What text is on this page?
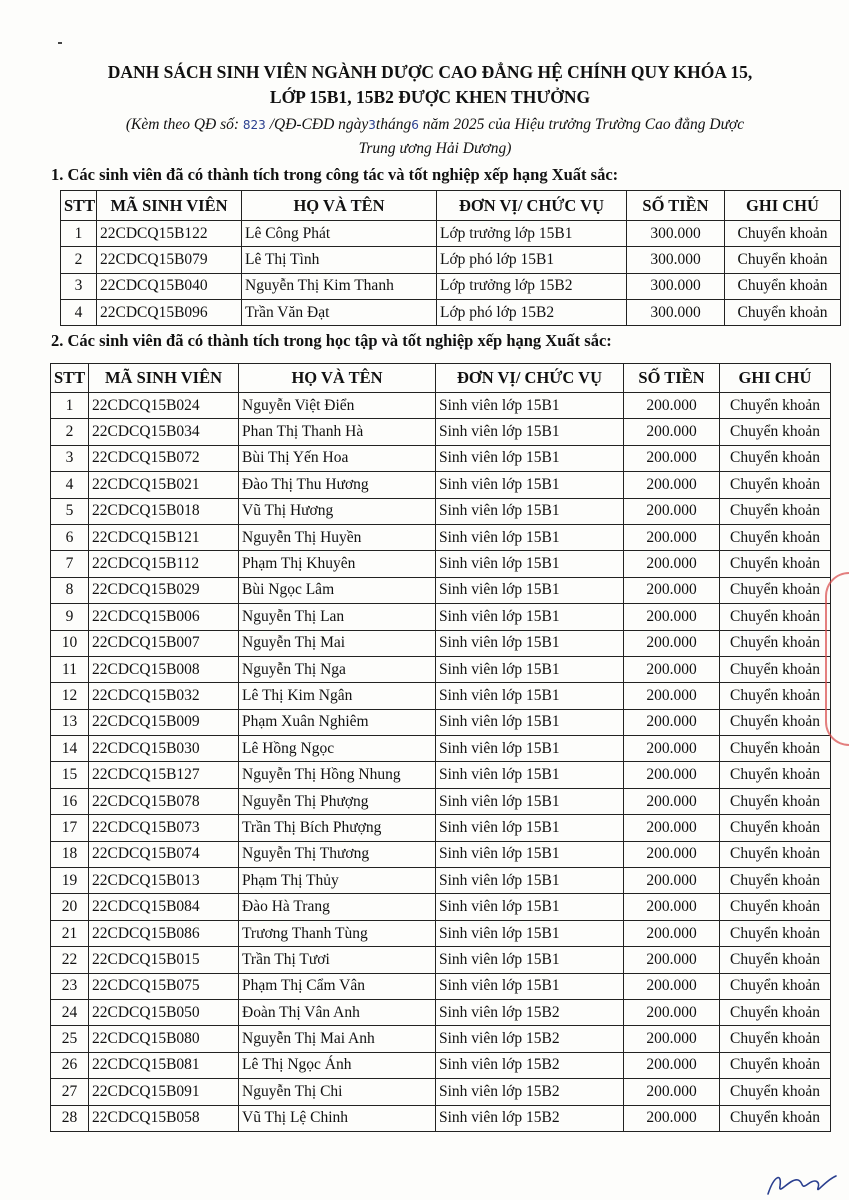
DANH SÁCH SINH VIÊN NGÀNH DƯỢC CAO ĐẲNG HỆ CHÍNH QUY KHÓA 15,
LỚP 15B1, 15B2 ĐƯỢC KHEN THƯỞNG
(Kèm theo QĐ số: 823 /QĐ-CĐD ngày3tháng6 năm 2025 của Hiệu trưởng Trường Cao đẳng Dược
Trung ương Hải Dương)
1. Các sinh viên đã có thành tích trong công tác và tốt nghiệp xếp hạng Xuất sắc:
STT	MÃ SINH VIÊN	HỌ VÀ TÊN	ĐƠN VỊ/ CHỨC VỤ	SỐ TIỀN	GHI CHÚ
1	22CDCQ15B122	Lê Công Phát	Lớp trưởng lớp 15B1	300.000	Chuyển khoản
2	22CDCQ15B079	Lê Thị Tình	Lớp phó lớp 15B1	300.000	Chuyển khoản
3	22CDCQ15B040	Nguyễn Thị Kim Thanh	Lớp trưởng lớp 15B2	300.000	Chuyển khoản
4	22CDCQ15B096	Trần Văn Đạt	Lớp phó lớp 15B2	300.000	Chuyển khoản
2. Các sinh viên đã có thành tích trong học tập và tốt nghiệp xếp hạng Xuất sắc:
STT	MÃ SINH VIÊN	HỌ VÀ TÊN	ĐƠN VỊ/ CHỨC VỤ	SỐ TIỀN	GHI CHÚ
1	22CDCQ15B024	Nguyễn Việt Điển	Sinh viên lớp 15B1	200.000	Chuyển khoản
2	22CDCQ15B034	Phan Thị Thanh Hà	Sinh viên lớp 15B1	200.000	Chuyển khoản
3	22CDCQ15B072	Bùi Thị Yến Hoa	Sinh viên lớp 15B1	200.000	Chuyển khoản
4	22CDCQ15B021	Đào Thị Thu Hương	Sinh viên lớp 15B1	200.000	Chuyển khoản
5	22CDCQ15B018	Vũ Thị Hương	Sinh viên lớp 15B1	200.000	Chuyển khoản
6	22CDCQ15B121	Nguyễn Thị Huyền	Sinh viên lớp 15B1	200.000	Chuyển khoản
7	22CDCQ15B112	Phạm Thị Khuyên	Sinh viên lớp 15B1	200.000	Chuyển khoản
8	22CDCQ15B029	Bùi Ngọc Lâm	Sinh viên lớp 15B1	200.000	Chuyển khoản
9	22CDCQ15B006	Nguyễn Thị Lan	Sinh viên lớp 15B1	200.000	Chuyển khoản
10	22CDCQ15B007	Nguyễn Thị Mai	Sinh viên lớp 15B1	200.000	Chuyển khoản
11	22CDCQ15B008	Nguyễn Thị Nga	Sinh viên lớp 15B1	200.000	Chuyển khoản
12	22CDCQ15B032	Lê Thị Kim Ngân	Sinh viên lớp 15B1	200.000	Chuyển khoản
13	22CDCQ15B009	Phạm Xuân Nghiêm	Sinh viên lớp 15B1	200.000	Chuyển khoản
14	22CDCQ15B030	Lê Hồng Ngọc	Sinh viên lớp 15B1	200.000	Chuyển khoản
15	22CDCQ15B127	Nguyễn Thị Hồng Nhung	Sinh viên lớp 15B1	200.000	Chuyển khoản
16	22CDCQ15B078	Nguyễn Thị Phượng	Sinh viên lớp 15B1	200.000	Chuyển khoản
17	22CDCQ15B073	Trần Thị Bích Phượng	Sinh viên lớp 15B1	200.000	Chuyển khoản
18	22CDCQ15B074	Nguyễn Thị Thương	Sinh viên lớp 15B1	200.000	Chuyển khoản
19	22CDCQ15B013	Phạm Thị Thủy	Sinh viên lớp 15B1	200.000	Chuyển khoản
20	22CDCQ15B084	Đào Hà Trang	Sinh viên lớp 15B1	200.000	Chuyển khoản
21	22CDCQ15B086	Trương Thanh Tùng	Sinh viên lớp 15B1	200.000	Chuyển khoản
22	22CDCQ15B015	Trần Thị Tươi	Sinh viên lớp 15B1	200.000	Chuyển khoản
23	22CDCQ15B075	Phạm Thị Cẩm Vân	Sinh viên lớp 15B1	200.000	Chuyển khoản
24	22CDCQ15B050	Đoàn Thị Vân Anh	Sinh viên lớp 15B2	200.000	Chuyển khoản
25	22CDCQ15B080	Nguyễn Thị Mai Anh	Sinh viên lớp 15B2	200.000	Chuyển khoản
26	22CDCQ15B081	Lê Thị Ngọc Ánh	Sinh viên lớp 15B2	200.000	Chuyển khoản
27	22CDCQ15B091	Nguyễn Thị Chi	Sinh viên lớp 15B2	200.000	Chuyển khoản
28	22CDCQ15B058	Vũ Thị Lệ Chinh	Sinh viên lớp 15B2	200.000	Chuyển khoản
